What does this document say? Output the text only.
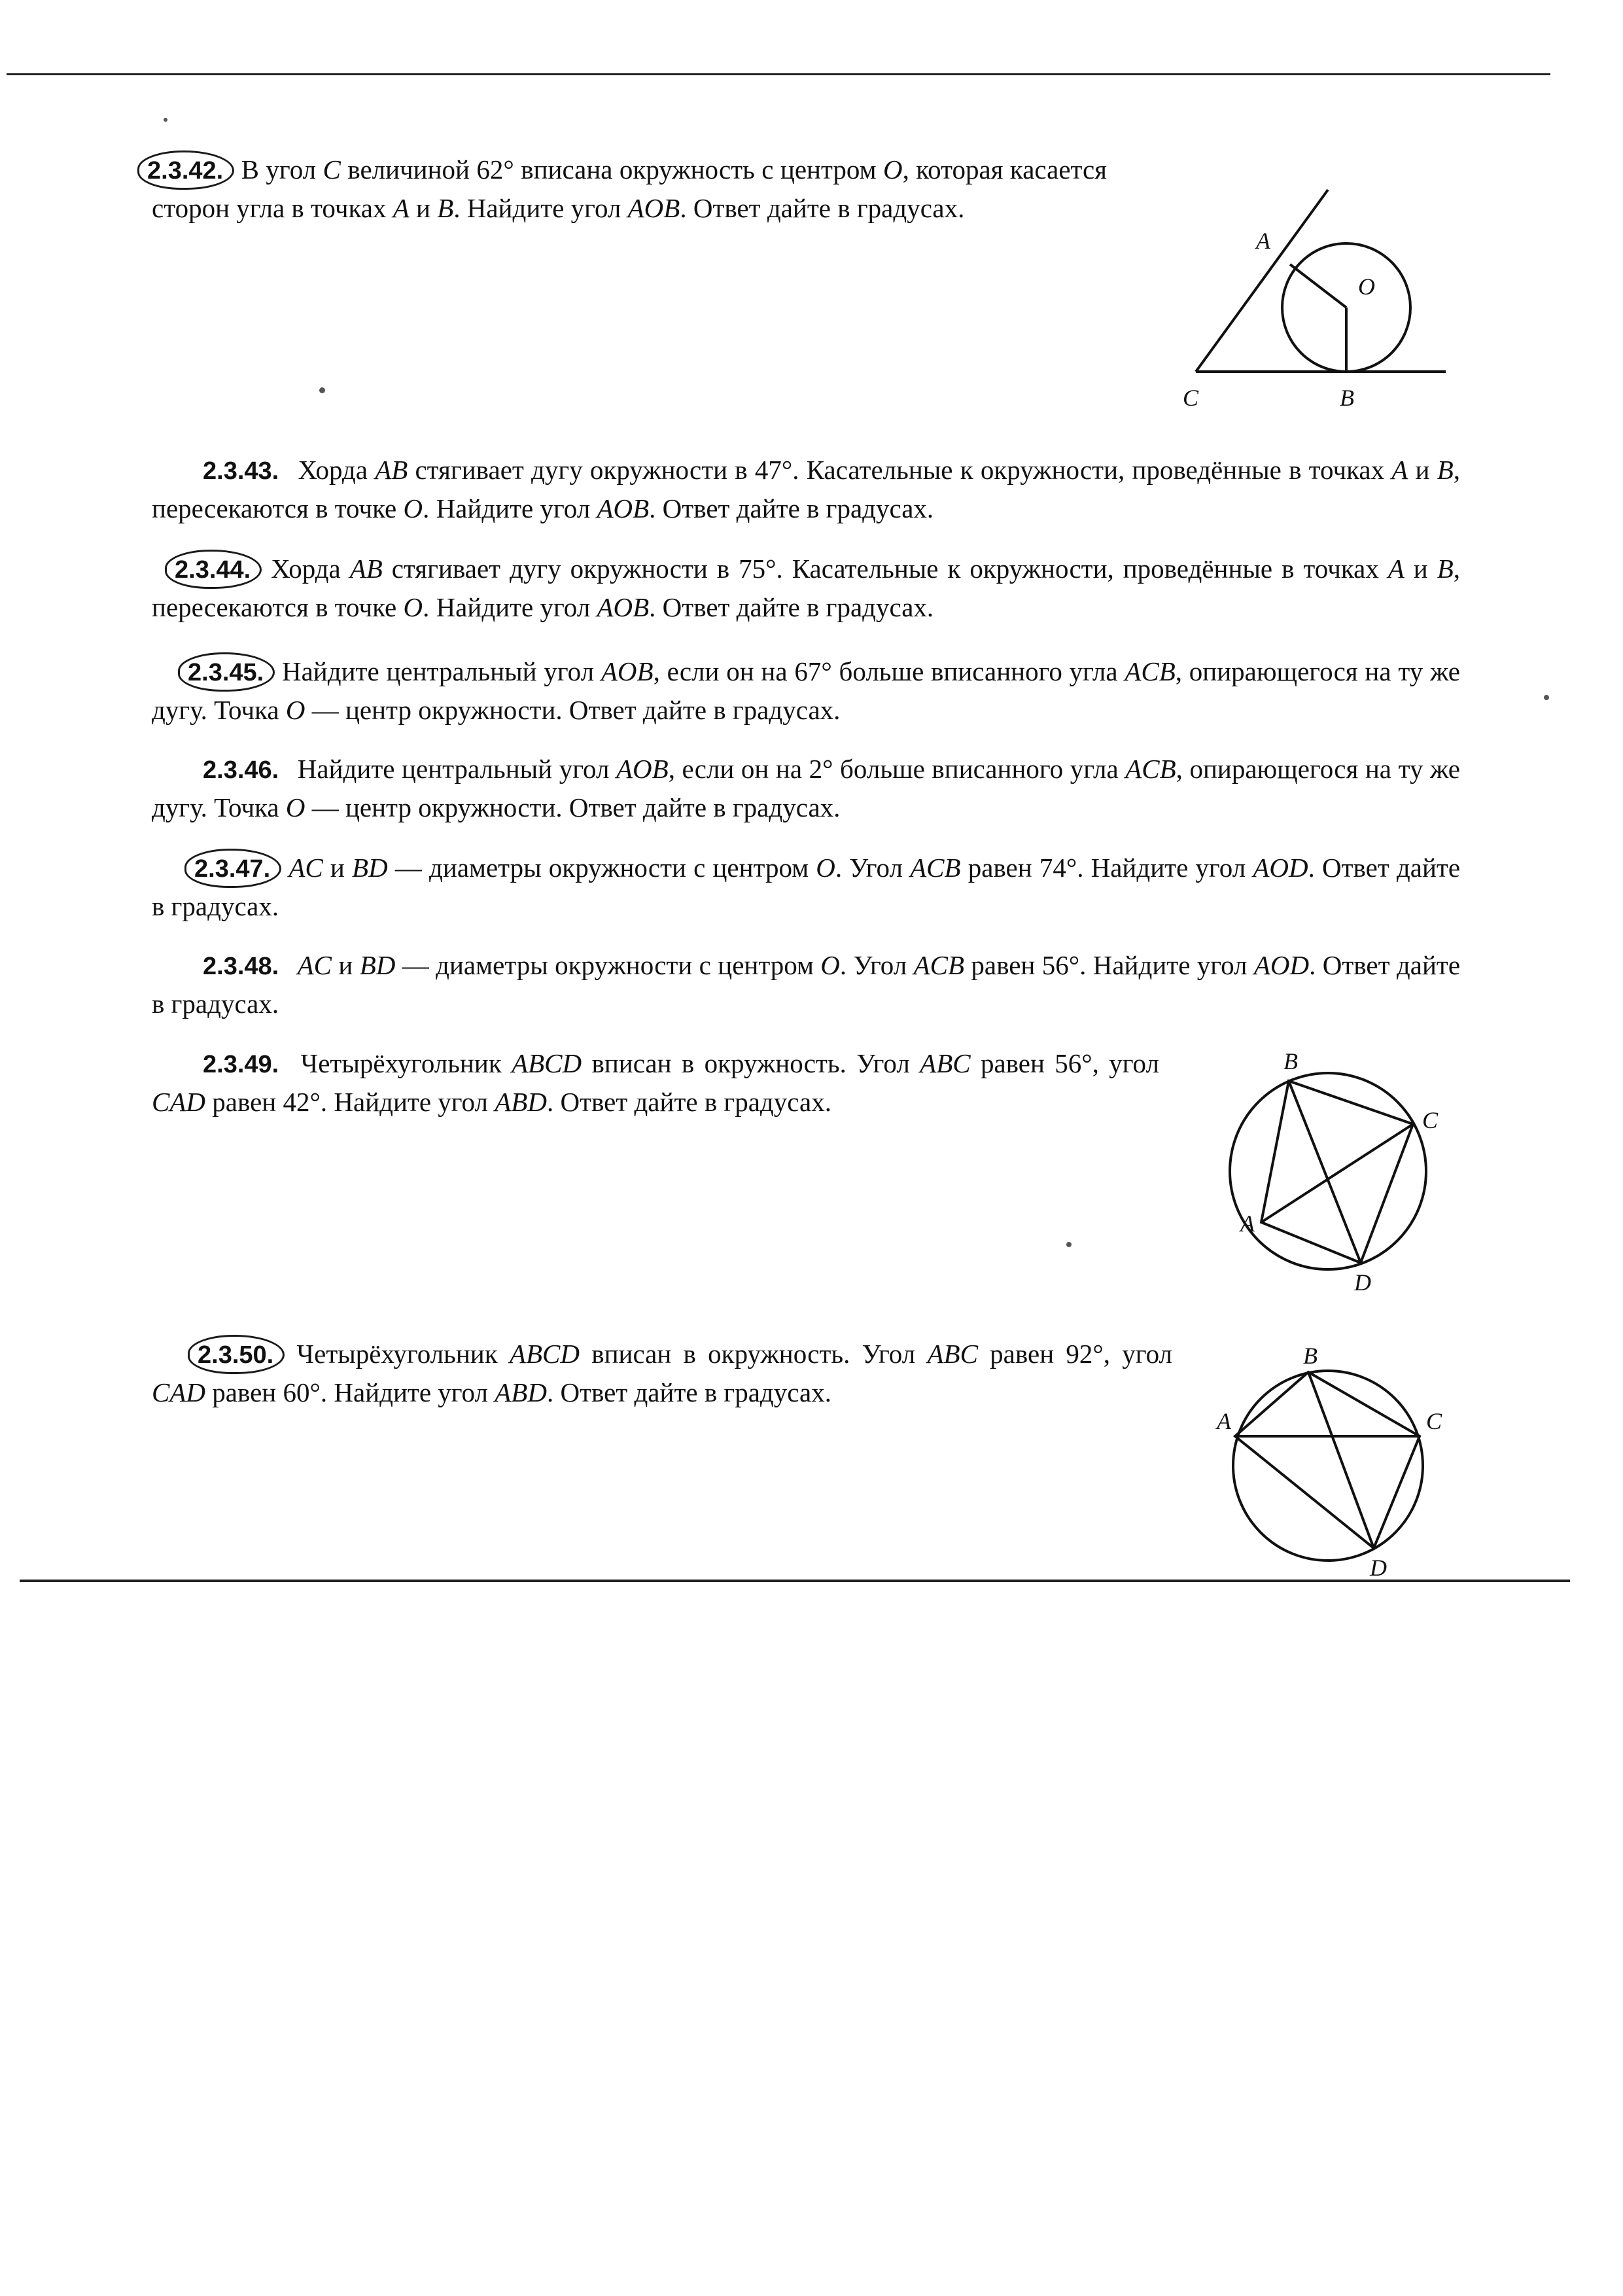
2.3.42. В угол C величиной 62° вписана окружность с центром O, которая касается сторон угла в точках A и B. Найдите угол AOB. Ответ дайте в градусах.

A
O
C	B

2.3.43. Хорда AB стягивает дугу окружности в 47°. Касательные к окружности, проведённые в точках A и B, пересекаются в точке O. Найдите угол AOB. Ответ дайте в градусах.

2.3.44. Хорда AB стягивает дугу окружности в 75°. Касательные к окружности, проведённые в точках A и B, пересекаются в точке O. Найдите угол AOB. Ответ дайте в градусах.

2.3.45. Найдите центральный угол AOB, если он на 67° больше вписанного угла ACB, опирающегося на ту же дугу. Точка O — центр окружности. Ответ дайте в градусах.

2.3.46. Найдите центральный угол AOB, если он на 2° больше вписанного угла ACB, опирающегося на ту же дугу. Точка O — центр окружности. Ответ дайте в градусах.

2.3.47. AC и BD — диаметры окружности с центром O. Угол ACB равен 74°. Найдите угол AOD. Ответ дайте в градусах.

2.3.48. AC и BD — диаметры окружности с центром O. Угол ACB равен 56°. Найдите угол AOD. Ответ дайте в градусах.

2.3.49. Четырёхугольник ABCD вписан в окружность. Угол ABC равен 56°, угол CAD равен 42°. Найдите угол ABD. Ответ дайте в градусах.

B
C
A
D

2.3.50. Четырёхугольник ABCD вписан в окружность. Угол ABC равен 92°, угол CAD равен 60°. Найдите угол ABD. Ответ дайте в градусах.

B
A	C
D
